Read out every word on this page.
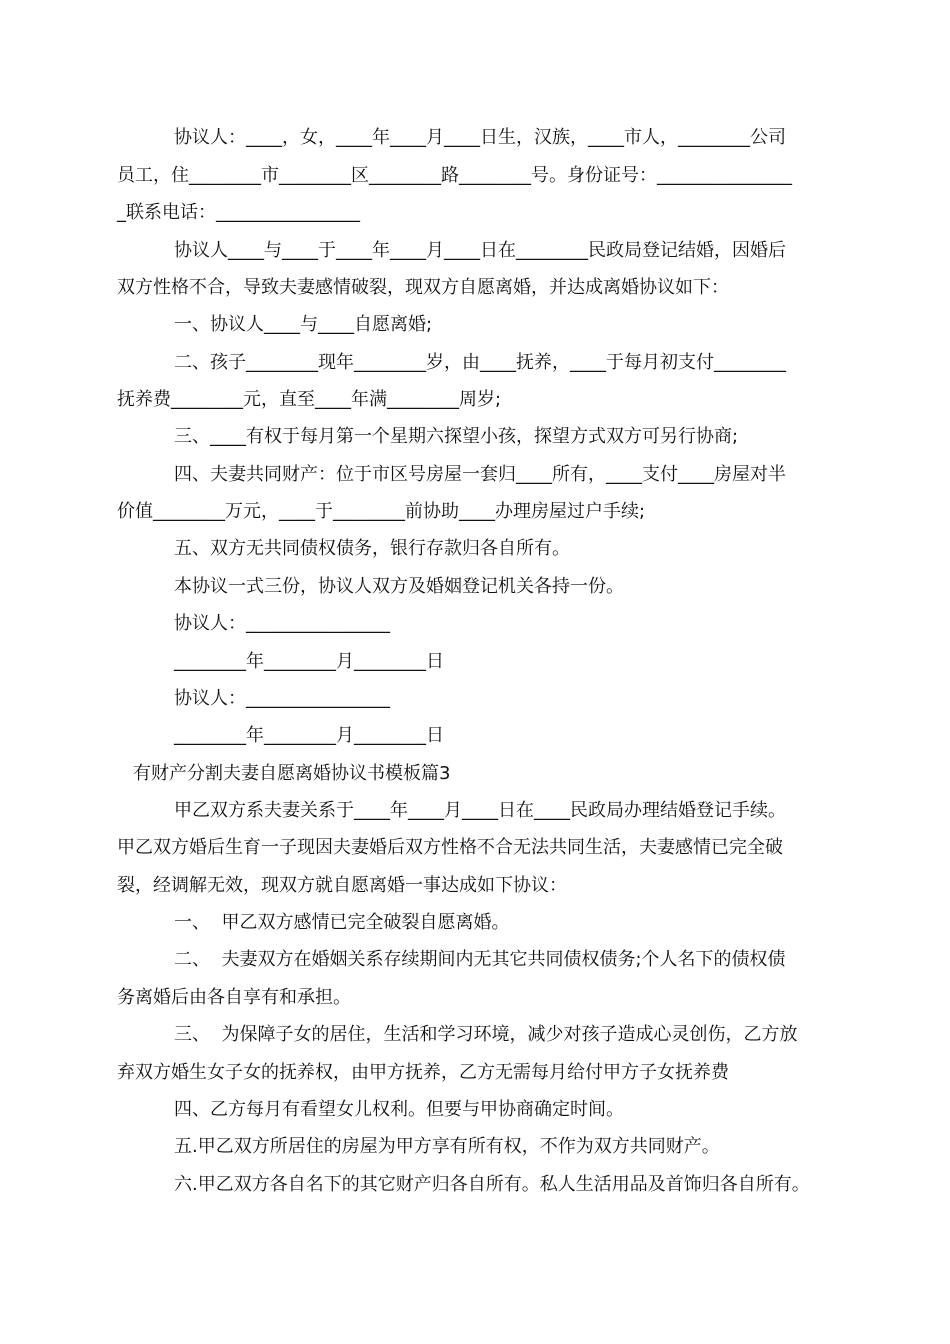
协议人：____，女，____年____月____日生，汉族，____市人，________公司
员工，住________市________区________路________号。身份证号：_______________
_联系电话：________________
协议人____与____于____年____月____日在________民政局登记结婚，因婚后
双方性格不合，导致夫妻感情破裂，现双方自愿离婚，并达成离婚协议如下：
一、协议人____与____自愿离婚;
二、孩子________现年________岁，由____抚养，____于每月初支付________
抚养费________元，直至____年满________周岁;
三、____有权于每月第一个星期六探望小孩，探望方式双方可另行协商;
四、夫妻共同财产：位于市区号房屋一套归____所有，____支付____房屋对半
价值________万元，____于________前协助____办理房屋过户手续;
五、双方无共同债权债务，银行存款归各自所有。
本协议一式三份，协议人双方及婚姻登记机关各持一份。
协议人：________________
________年________月________日
协议人：________________
________年________月________日
有财产分割夫妻自愿离婚协议书模板篇3
甲乙双方系夫妻关系于____年____月____日在____民政局办理结婚登记手续。
甲乙双方婚后生育一子现因夫妻婚后双方性格不合无法共同生活，夫妻感情已完全破
裂，经调解无效，现双方就自愿离婚一事达成如下协议：
一、  甲乙双方感情已完全破裂自愿离婚。
二、  夫妻双方在婚姻关系存续期间内无其它共同债权债务;个人名下的债权债
务离婚后由各自享有和承担。
三、  为保障子女的居住，生活和学习环境，减少对孩子造成心灵创伤，乙方放
弃双方婚生女子女的抚养权，由甲方抚养，乙方无需每月给付甲方子女抚养费
四、乙方每月有看望女儿权利。但要与甲协商确定时间。
五.甲乙双方所居住的房屋为甲方享有所有权，不作为双方共同财产。
六.甲乙双方各自名下的其它财产归各自所有。私人生活用品及首饰归各自所有。
